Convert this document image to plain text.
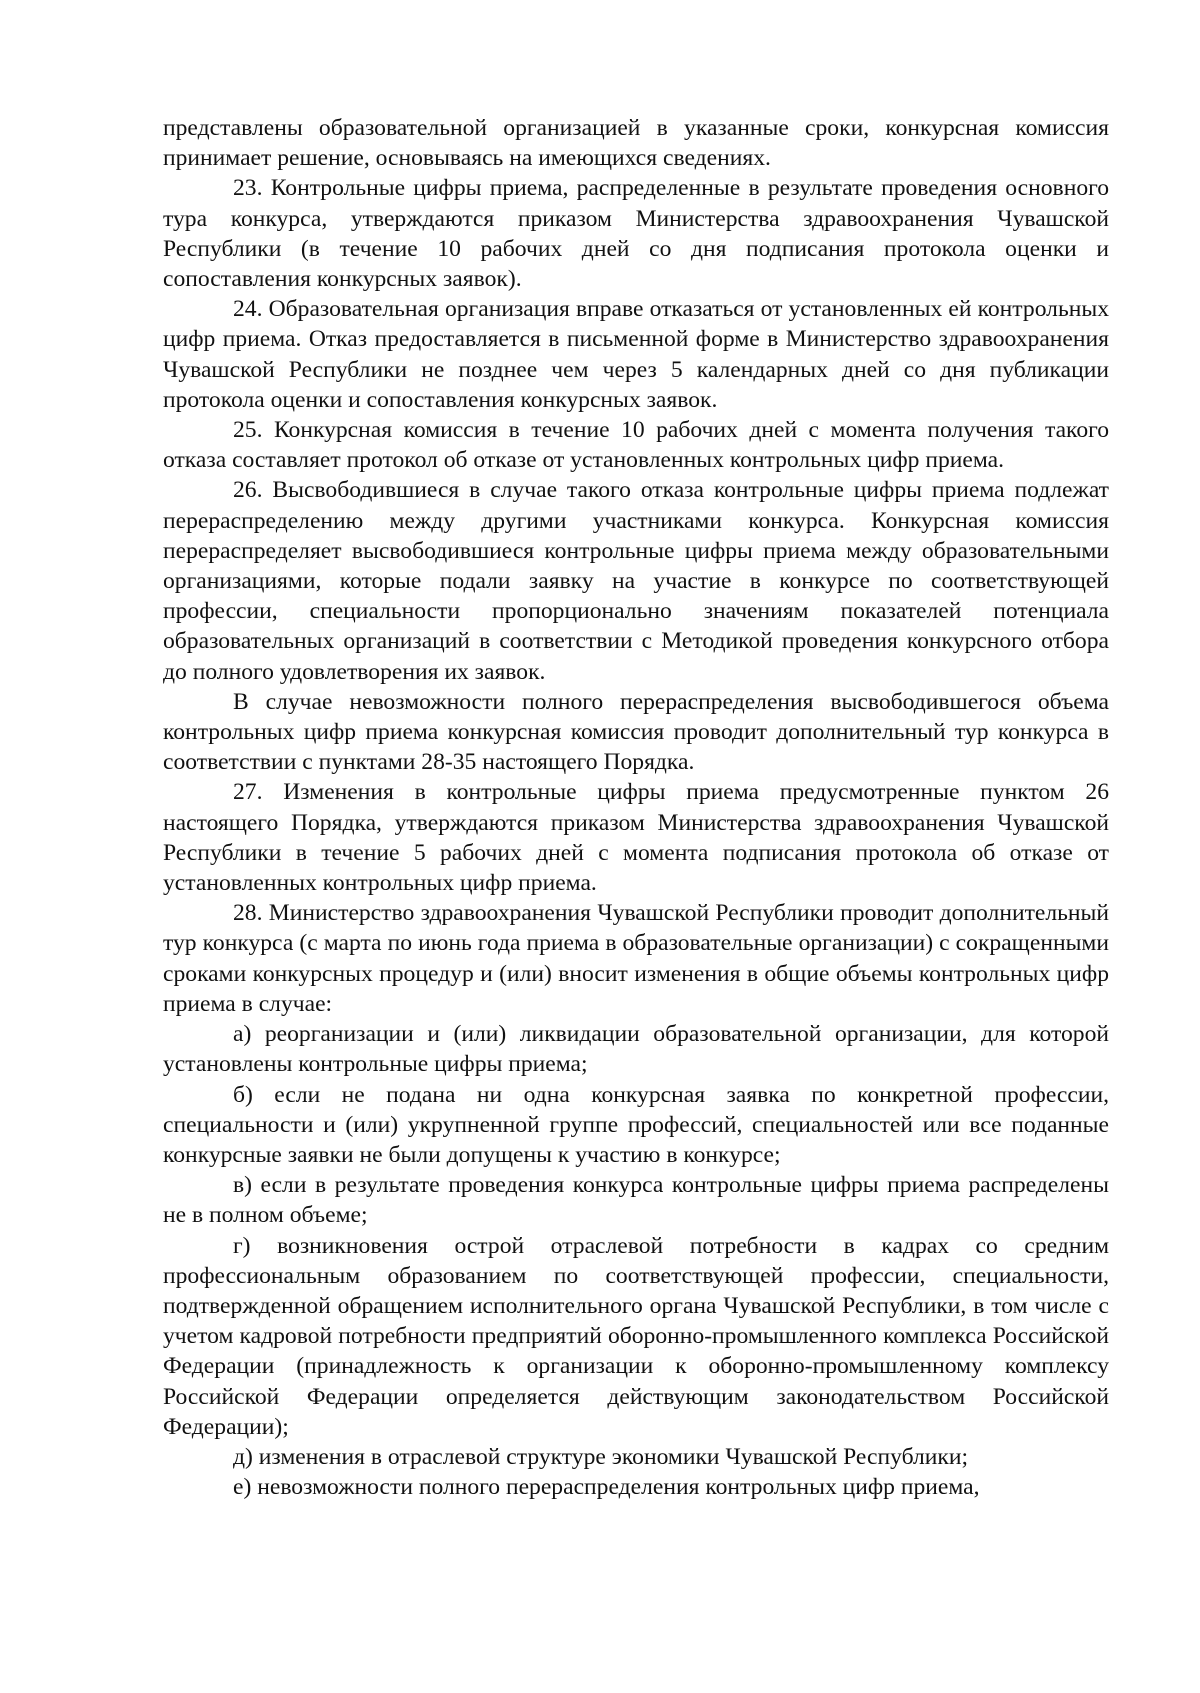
представлены образовательной организацией в указанные сроки, конкурсная комиссия принимает решение, основываясь на имеющихся сведениях.

23. Контрольные цифры приема, распределенные в результате проведения основного тура конкурса, утверждаются приказом Министерства здравоохранения Чувашской Республики (в течение 10 рабочих дней со дня подписания протокола оценки и сопоставления конкурсных заявок).

24. Образовательная организация вправе отказаться от установленных ей контрольных цифр приема. Отказ предоставляется в письменной форме в Министерство здравоохранения Чувашской Республики не позднее чем через 5 календарных дней со дня публикации протокола оценки и сопоставления конкурсных заявок.

25. Конкурсная комиссия в течение 10 рабочих дней с момента получения такого отказа составляет протокол об отказе от установленных контрольных цифр приема.

26. Высвободившиеся в случае такого отказа контрольные цифры приема подлежат перераспределению между другими участниками конкурса. Конкурсная комиссия перераспределяет высвободившиеся контрольные цифры приема между образовательными организациями, которые подали заявку на участие в конкурсе по соответствующей профессии, специальности пропорционально значениям показателей потенциала образовательных организаций в соответствии с Методикой проведения конкурсного отбора до полного удовлетворения их заявок.

В случае невозможности полного перераспределения высвободившегося объема контрольных цифр приема конкурсная комиссия проводит дополнительный тур конкурса в соответствии с пунктами 28-35 настоящего Порядка.

27. Изменения в контрольные цифры приема предусмотренные пунктом 26 настоящего Порядка, утверждаются приказом Министерства здравоохранения Чувашской Республики в течение 5 рабочих дней с момента подписания протокола об отказе от установленных контрольных цифр приема.

28. Министерство здравоохранения Чувашской Республики проводит дополнительный тур конкурса (с марта по июнь года приема в образовательные организации) с сокращенными сроками конкурсных процедур и (или) вносит изменения в общие объемы контрольных цифр приема в случае:

а) реорганизации и (или) ликвидации образовательной организации, для которой установлены контрольные цифры приема;

б) если не подана ни одна конкурсная заявка по конкретной профессии, специальности и (или) укрупненной группе профессий, специальностей или все поданные конкурсные заявки не были допущены к участию в конкурсе;

в) если в результате проведения конкурса контрольные цифры приема распределены не в полном объеме;

г) возникновения острой отраслевой потребности в кадрах со средним профессиональным образованием по соответствующей профессии, специальности, подтвержденной обращением исполнительного органа Чувашской Республики, в том числе с учетом кадровой потребности предприятий оборонно-промышленного комплекса Российской Федерации (принадлежность к организации к оборонно-промышленному комплексу Российской Федерации определяется действующим законодательством Российской Федерации);

д) изменения в отраслевой структуре экономики Чувашской Республики;

е) невозможности полного перераспределения контрольных цифр приема,
